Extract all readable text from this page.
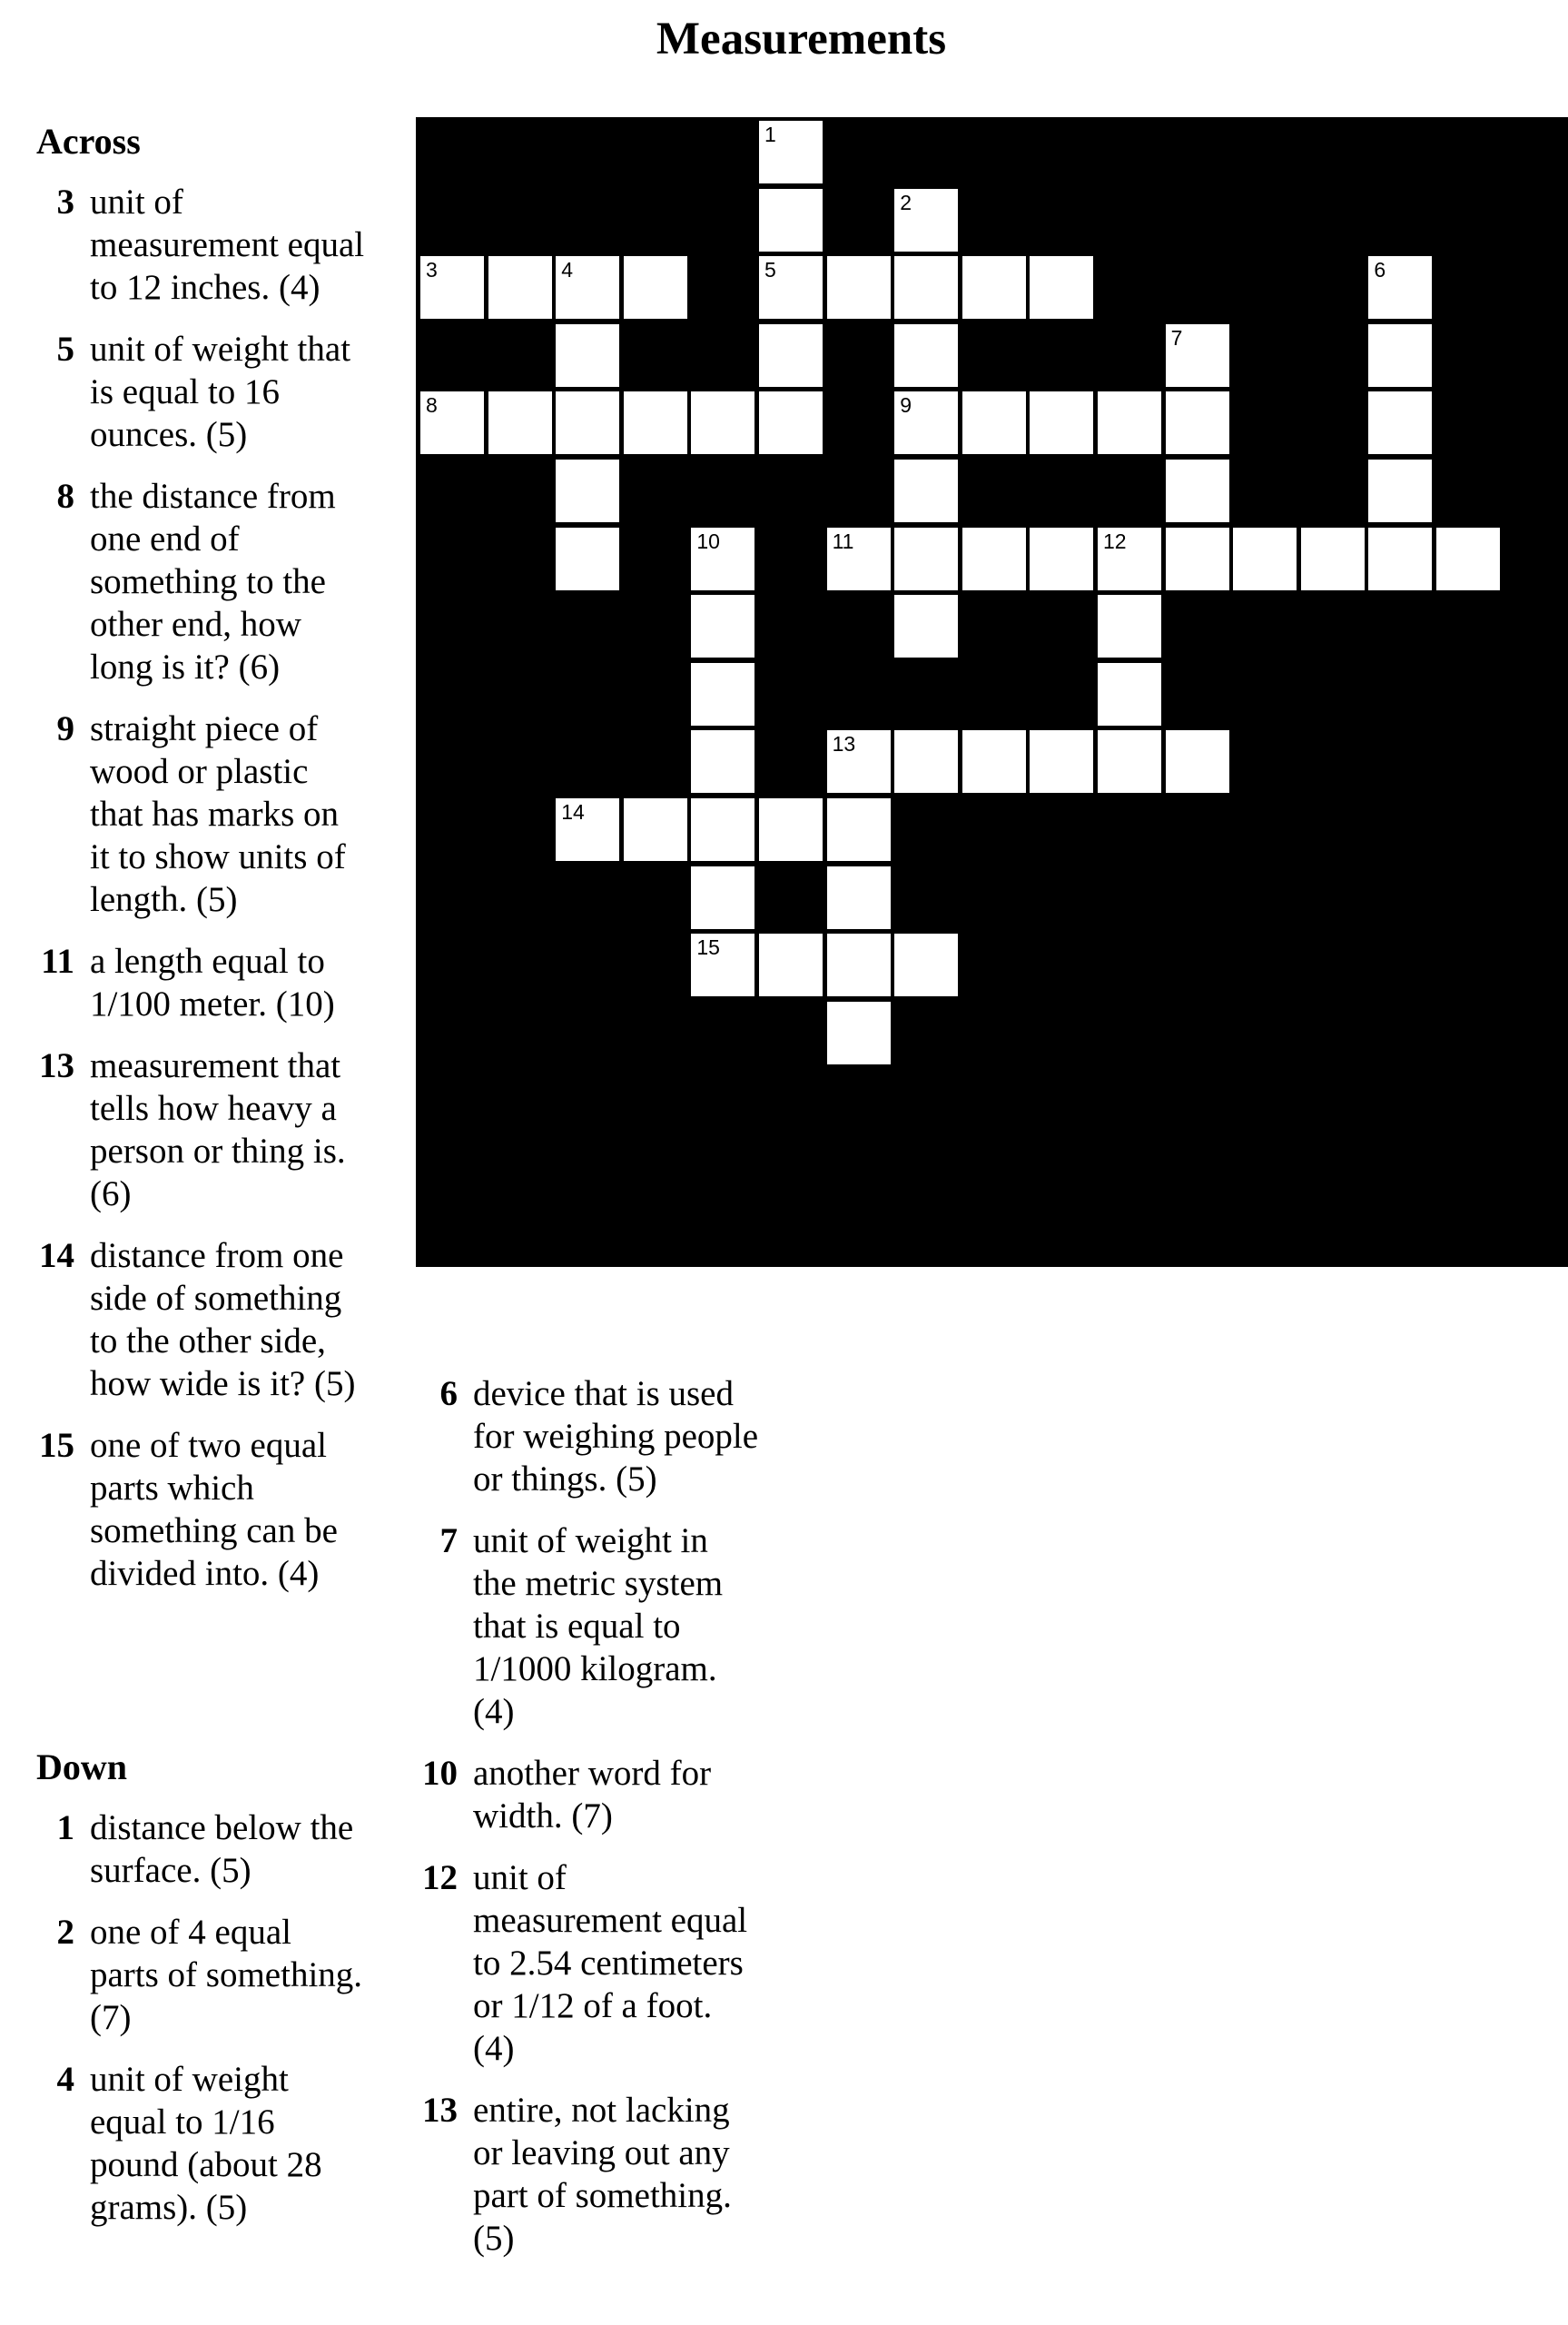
Measurements
Across
3 unit of measurement equal to 12 inches. (4)
5 unit of weight that is equal to 16 ounces. (5)
8 the distance from one end of something to the other end, how long is it? (6)
9 straight piece of wood or plastic that has marks on it to show units of length. (5)
11 a length equal to 1/100 meter. (10)
13 measurement that tells how heavy a person or thing is. (6)
14 distance from one side of something to the other side, how wide is it? (5)
15 one of two equal parts which something can be divided into. (4)
Down
1 distance below the surface. (5)
2 one of 4 equal parts of something. (7)
4 unit of weight equal to 1/16 pound (about 28 grams). (5)
6 device that is used for weighing people or things. (5)
7 unit of weight in the metric system that is equal to 1/1000 kilogram. (4)
10 another word for width. (7)
12 unit of measurement equal to 2.54 centimeters or 1/12 of a foot. (4)
13 entire, not lacking or leaving out any part of something. (5)
1
2
3	4	5	6
7
8	9
10	11	12
13
14
15
